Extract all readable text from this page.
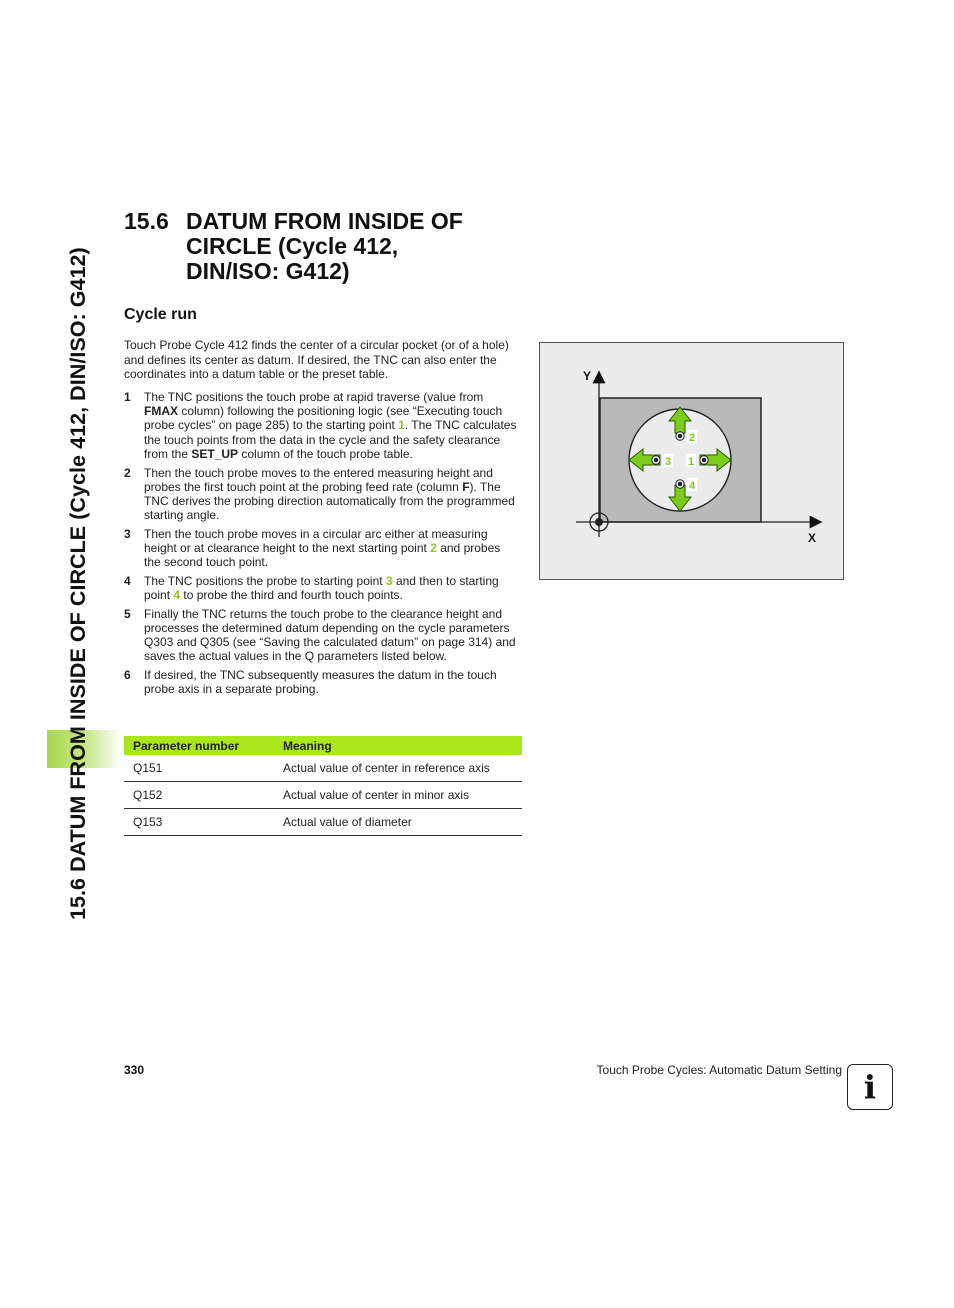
15.6 DATUM FROM INSIDE OF CIRCLE (Cycle 412, DIN/ISO: G412)
15.6 DATUM FROM INSIDE OF
CIRCLE (Cycle 412,
DIN/ISO: G412)
Cycle run
Touch Probe Cycle 412 finds the center of a circular pocket (or of a hole) and defines its center as datum. If desired, the TNC can also enter the coordinates into a datum table or the preset table.
1 The TNC positions the touch probe at rapid traverse (value from FMAX column) following the positioning logic (see “Executing touch probe cycles” on page 285) to the starting point 1. The TNC calculates the touch points from the data in the cycle and the safety clearance from the SET_UP column of the touch probe table.
2 Then the touch probe moves to the entered measuring height and probes the first touch point at the probing feed rate (column F). The TNC derives the probing direction automatically from the programmed starting angle.
3 Then the touch probe moves in a circular arc either at measuring height or at clearance height to the next starting point 2 and probes the second touch point.
4 The TNC positions the probe to starting point 3 and then to starting point 4 to probe the third and fourth touch points.
5 Finally the TNC returns the touch probe to the clearance height and processes the determined datum depending on the cycle parameters Q303 and Q305 (see “Saving the calculated datum” on page 314) and saves the actual values in the Q parameters listed below.
6 If desired, the TNC subsequently measures the datum in the touch probe axis in a separate probing.
Parameter number	Meaning
Q151	Actual value of center in reference axis
Q152	Actual value of center in minor axis
Q153	Actual value of diameter
Y
X
2
1
3
4
330	Touch Probe Cycles: Automatic Datum Setting i
